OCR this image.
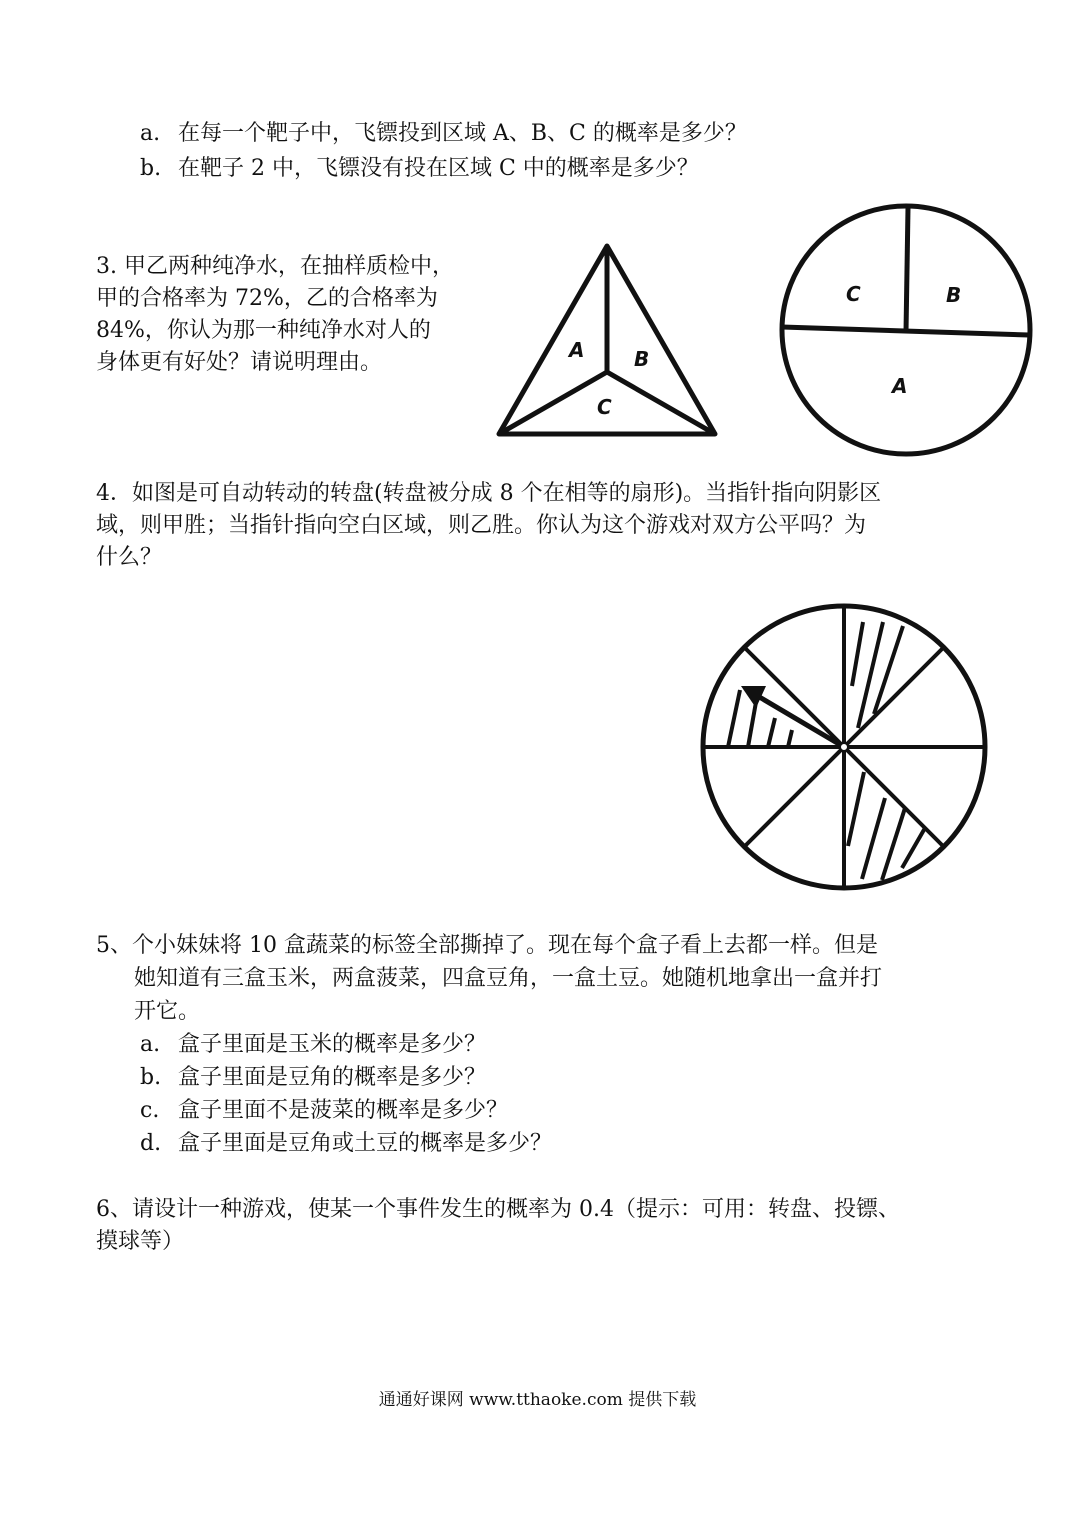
a. 在每一个靶子中，飞镖投到区域 A、B、C 的概率是多少？
b. 在靶子 2 中，飞镖没有投在区域 C 中的概率是多少？
3. 甲乙两种纯净水，在抽样质检中，
甲的合格率为 72%，乙的合格率为
84%，你认为那一种纯净水对人的
身体更有好处？请说明理由。	A B
C
C	B
A
4．如图是可自动转动的转盘(转盘被分成 8 个在相等的扇形)。当指针指向阴影区
域，则甲胜；当指针指向空白区域，则乙胜。你认为这个游戏对双方公平吗？为
什么？
5、个小妹妹将 10 盒蔬菜的标签全部撕掉了。现在每个盒子看上去都一样。但是
她知道有三盒玉米，两盒菠菜，四盒豆角，一盒土豆。她随机地拿出一盒并打
开它。
a. 盒子里面是玉米的概率是多少？
b. 盒子里面是豆角的概率是多少？
c. 盒子里面不是菠菜的概率是多少？
d. 盒子里面是豆角或土豆的概率是多少？
6、请设计一种游戏，使某一个事件发生的概率为 0.4（提示：可用：转盘、投镖、
摸球等）
通通好课网 www.tthaoke.com 提供下载
